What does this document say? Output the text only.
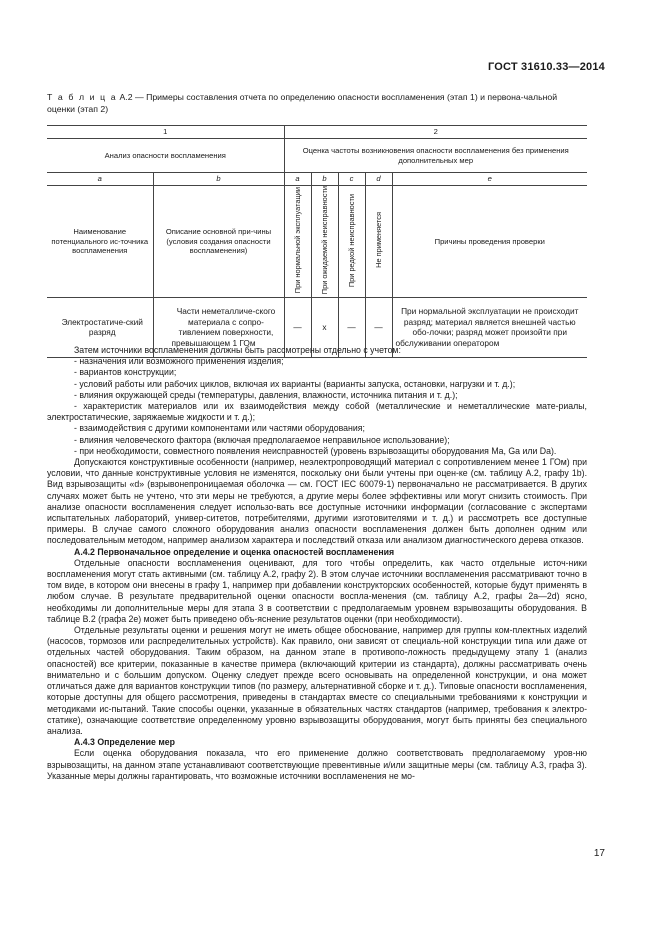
ГОСТ 31610.33—2014
Т а б л и ц а А.2 — Примеры составления отчета по определению опасности воспламенения (этап 1) и первона-чальной оценки (этап 2)
1		2				
Анализ опасности воспламенения		Оценка частоты возникновения опасности воспламенения без применения дополнительных мер				
a	b	a	b	c	d	e
Наименование потенциального ис-точника воспламенения	Описание основной при-чины (условия создания опасности воспламенения)	При нормальной эксплуатации	При ожидаемой неисправности	При редкой неисправности	Не применяется	Причины проведения проверки
Электростатиче-ский разряд	Части неметалличе-ского материала с сопро-тивлением поверхности, превышающем 1 ГОм	—	x	—	—	При нормальной эксплуатации не происходит разряд; материал является внешней частью обо-лочки; разряд может произойти при обслуживании оператором

Затем источники воспламенения должны быть рассмотрены отдельно с учетом:

- назначения или возможного применения изделия;

- вариантов конструкции;

- условий работы или рабочих циклов, включая их варианты (варианты запуска, остановки, нагрузки и т. д.);

- влияния окружающей среды (температуры, давления, влажности, источника питания и т. д.);

- характеристик материалов или их взаимодействия между собой (металлические и неметаллические мате-риалы, электростатические, заряжаемые жидкости и т. д.);

- взаимодействия с другими компонентами или частями оборудования;

- влияния человеческого фактора (включая предполагаемое неправильное использование);

- при необходимости, совместного появления неисправностей (уровень взрывозащиты оборудования Ma, Ga или Da).

Допускаются конструктивные особенности (например, неэлектропроводящий материал с сопротивлением менее 1 ГОм) при условии, что данные конструктивные условия не изменятся, поскольку они были учтены при оцен-ке (см. таблицу А.2, графу 1b). Вид взрывозащиты «d» (взрывонепроницаемая оболочка — см. ГОСТ IEC 60079-1) первоначально не рассматривается. В других случаях может быть не учтено, что эти меры не требуются, а другие меры более эффективны или могут снизить стоимость. При анализе опасности воспламенения следует использо-вать все доступные источники информации (согласование с экспертами испытательных лабораторий, универ-ситетов, потребителями, другими изготовителями и т. д.) и рассмотреть все доступные примеры. В случае самого сложного оборудования анализ опасности воспламенения должен быть дополнен одним или последовательным методом, например анализом характера и последствий отказа или анализом диагностического дерева отказов.

А.4.2 Первоначальное определение и оценка опасностей воспламенения

Отдельные опасности воспламенения оценивают, для того чтобы определить, как часто отдельные источ-ники воспламенения могут стать активными (см. таблицу А.2, графу 2). В этом случае источники воспламенения рассматривают точно в том виде, в котором они внесены в графу 1, например при добавлении конструкторских особенностей, которые будут применять в любом случае. В результате предварительной оценки опасности воспла-менения (см. таблицу А.2, графы 2a—2d) ясно, необходимы ли дополнительные меры для этапа 3 в соответствии с предполагаемым уровнем взрывозащиты оборудования. В таблице В.2 (графа 2e) может быть приведено объ-яснение результатов оценки (при необходимости).

Отдельные результаты оценки и решения могут не иметь общее обоснование, например для группы ком-плектных изделий (насосов, тормозов или распределительных устройств). Как правило, они зависят от специаль-ной конструкции типа или даже от отдельных частей оборудования. Таким образом, на данном этапе в противопо-ложность предыдущему этапу 1 (анализ опасностей) все критерии, показанные в качестве примера (включающий критерии из стандарта), должны рассматривать очень внимательно и с большим допуском. Оценку следует прежде всего основывать на определенной конструкции, и она может отличаться даже для вариантов конструкции типов (по размеру, альтернативной сборке и т. д.). Типовые опасности воспламенения, которые доступны для общего рассмотрения, приведены в стандартах вместе со специальными требованиями к конструкции и методиками ис-пытаний. Такие способы оценки, указанные в обязательных частях стандартов (например, требования к электро-статике), означающие соответствие определенному уровню взрывозащиты оборудования, могут быть приняты без специального анализа.

А.4.3 Определение мер

Если оценка оборудования показала, что его применение должно соответствовать предполагаемому уров-ню взрывозащиты, на данном этапе устанавливают соответствующие превентивные и/или защитные меры (см. таблицу А.3, графа 3). Указанные меры должны гарантировать, что возможные источники воспламенения не мо-

17
